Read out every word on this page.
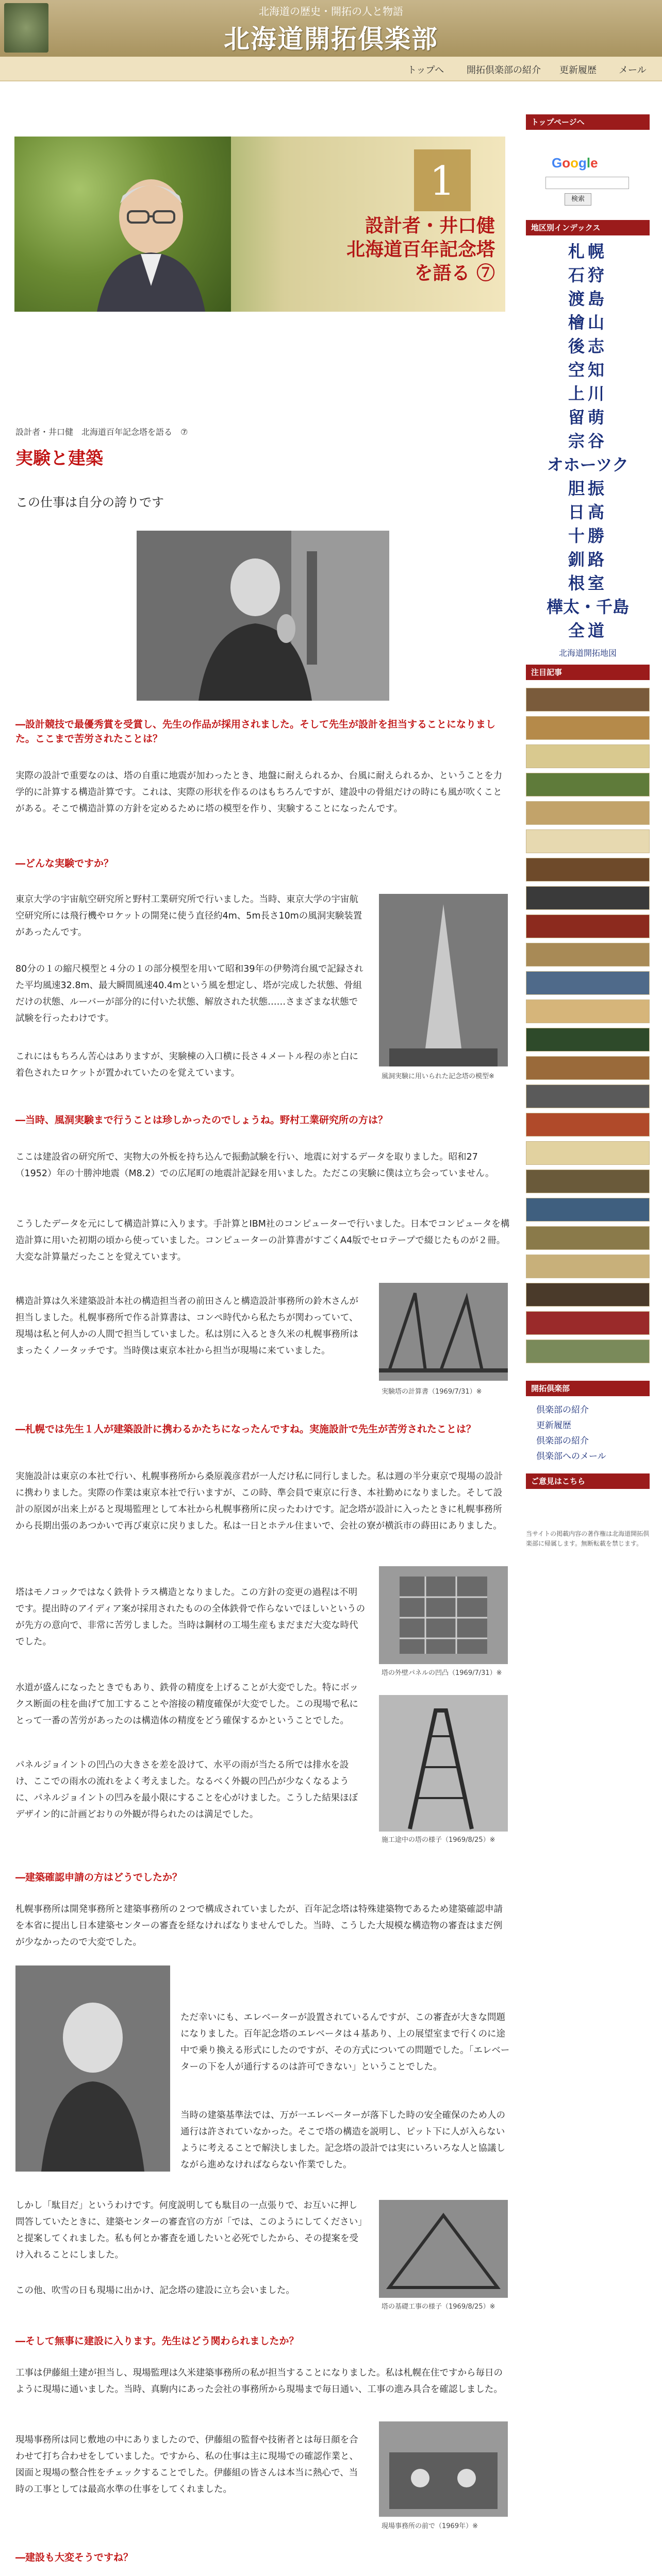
北海道の歴史・開拓の人と物語
北海道開拓倶楽部
トップへ 開拓倶楽部の紹介 更新履歴 メール
1
設計者・井口健
北海道百年記念塔
を語る ⑦
設計者・井口健　北海道百年記念塔を語る　⑦
実験と建築
この仕事は自分の誇りです
―設計競技で最優秀賞を受賞し、先生の作品が採用されました。そして先生が設計を担当することになりました。ここまで苦労されたことは？
実際の設計で重要なのは、塔の自重に地震が加わったとき、地盤に耐えられるか、台風に耐えられるか、ということを力学的に計算する構造計算です。これは、実際の形状を作るのはもちろんですが、建設中の骨組だけの時にも風が吹くことがある。そこで構造計算の方針を定めるために塔の模型を作り、実験することになったんです。
―どんな実験ですか？
東京大学の宇宙航空研究所と野村工業研究所で行いました。当時、東京大学の宇宙航空研究所には飛行機やロケットの開発に使う直径約4m、5m長さ10mの風洞実験装置があったんです。
80分の１の縮尺模型と４分の１の部分模型を用いて昭和39年の伊勢湾台風で記録された平均風速32.8m、最大瞬間風速40.4mという風を想定し、塔が完成した状態、骨組だけの状態、ルーバーが部分的に付いた状態、解放された状態……さまざまな状態で試験を行ったわけです。
これにはもちろん苦心はありますが、実験棟の入口横に長さ４メートル程の赤と白に着色されたロケットが置かれていたのを覚えています。	風洞実験に用いられた記念塔の模型※
―当時、風洞実験まで行うことは珍しかったのでしょうね。野村工業研究所の方は？
ここは建設省の研究所で、実物大の外板を持ち込んで振動試験を行い、地震に対するデータを取りました。昭和27（1952）年の十勝沖地震（M8.2）での広尾町の地震計記録を用いました。ただこの実験に僕は立ち会っていません。
こうしたデータを元にして構造計算に入ります。手計算とIBM社のコンピューターで行いました。日本でコンピュータを構造計算に用いた初期の頃から使っていました。コンピューターの計算書がすごくA4版でセロテープで綴じたものが２冊。大変な計算量だったことを覚えています。
構造計算は久米建築設計本社の構造担当者の前田さんと構造設計事務所の鈴木さんが担当しました。札幌事務所で作る計算書は、コンペ時代から私たちが関わっていて、現場は私と何人かの人間で担当していました。私は別に入るとき久米の札幌事務所はまったくノータッチです。当時僕は東京本社から担当が現場に来ていました。
実験塔の計算書（1969/7/31）※
―札幌では先生１人が建築設計に携わるかたちになったんですね。実施設計で先生が苦労されたことは？
実施設計は東京の本社で行い、札幌事務所から桑原義彦君が一人だけ私に同行しました。私は週の半分東京で現場の設計に携わりました。実際の作業は東京本社で行いますが、この時、準会員で東京に行き、本社勤めになりました。そして設計の原図が出来上がると現場監理として本社から札幌事務所に戻ったわけです。記念塔が設計に入ったときに札幌事務所から長期出張のあつかいで再び東京に戻りました。私は一日とホテル住まいで、会社の寮が横浜市の蒔田にありました。
塔はモノコックではなく鉄骨トラス構造となりました。この方針の変更の過程は不明です。提出時のアイディア案が採用されたものの全体鉄骨で作らないでほしいというのが先方の意向で、非常に苦労しました。当時は鋼材の工場生産もまだまだ大変な時代でした。
水道が盛んになったときでもあり、鉄骨の精度を上げることが大変でした。特にボックス断面の柱を曲げて加工することや溶接の精度確保が大変でした。この現場で私にとって一番の苦労があったのは構造体の精度をどう確保するかということでした。
パネルジョイントの凹凸の大きさを差を設けて、水平の雨が当たる所では排水を設け、ここでの雨水の流れをよく考えました。なるべく外観の凹凸が少なくなるように、パネルジョイントの凹みを最小限にすることを心がけました。こうした結果ほぼデザイン的に計画どおりの外観が得られたのは満足でした。
塔の外壁パネルの凹凸（1969/7/31）※
施工途中の塔の様子（1969/8/25）※
―建築確認申請の方はどうでしたか？
札幌事務所は開発事務所と建築事務所の２つで構成されていましたが、百年記念塔は特殊建築物であるため建築確認申請を本省に提出し日本建築センターの審査を経なければなりませんでした。当時、こうした大規模な構造物の審査はまだ例が少なかったので大変でした。
ただ幸いにも、エレベーターが設置されているんですが、この審査が大きな問題になりました。百年記念塔のエレベータは４基あり、上の展望室まで行くのに途中で乗り換える形式にしたのですが、その方式についての問題でした。「エレベーターの下を人が通行するのは許可できない」ということでした。
当時の建築基準法では、万が一エレベーターが落下した時の安全確保のため人の通行は許されていなかった。そこで塔の構造を説明し、ピット下に人が入らないように考えることで解決しました。記念塔の設計では実にいろいろな人と協議しながら進めなければならない作業でした。
しかし「駄目だ」というわけです。何度説明しても駄目の一点張りで、お互いに押し問答していたときに、建築センターの審査官の方が「では、このようにしてください」と提案してくれました。私も何とか審査を通したいと必死でしたから、その提案を受け入れることにしました。
この他、吹雪の日も現場に出かけ、記念塔の建設に立ち会いました。
塔の基礎工事の様子（1969/8/25）※
―そして無事に建設に入ります。先生はどう関わられましたか？
工事は伊藤組土建が担当し、現場監理は久米建築事務所の私が担当することになりました。私は札幌在住ですから毎日のように現場に通いました。当時、真駒内にあった会社の事務所から現場まで毎日通い、工事の進み具合を確認しました。
現場事務所は同じ敷地の中にありましたので、伊藤組の監督や技術者とは毎日顔を合わせて打ち合わせをしていました。ですから、私の仕事は主に現場での確認作業と、図面と現場の整合性をチェックすることでした。伊藤組の皆さんは本当に熱心で、当時の工事としては最高水準の仕事をしてくれました。
現場事務所の前で（1969年）※
―建設も大変そうですね？
トップページへ
Google
検索
地区別インデックス
札幌
石狩
渡島
檜山
後志
空知
上川
留萌
宗谷
オホーツク
胆振
日高
十勝
釧路
根室
樺太・千島
全道
北海道開拓地図
注目記事
開拓倶楽部
倶楽部の紹介
更新履歴
倶楽部の紹介
倶楽部へのメール
ご意見はこちら
当サイトの掲載内容の著作権は北海道開拓倶楽部に帰属します。無断転載を禁じます。
